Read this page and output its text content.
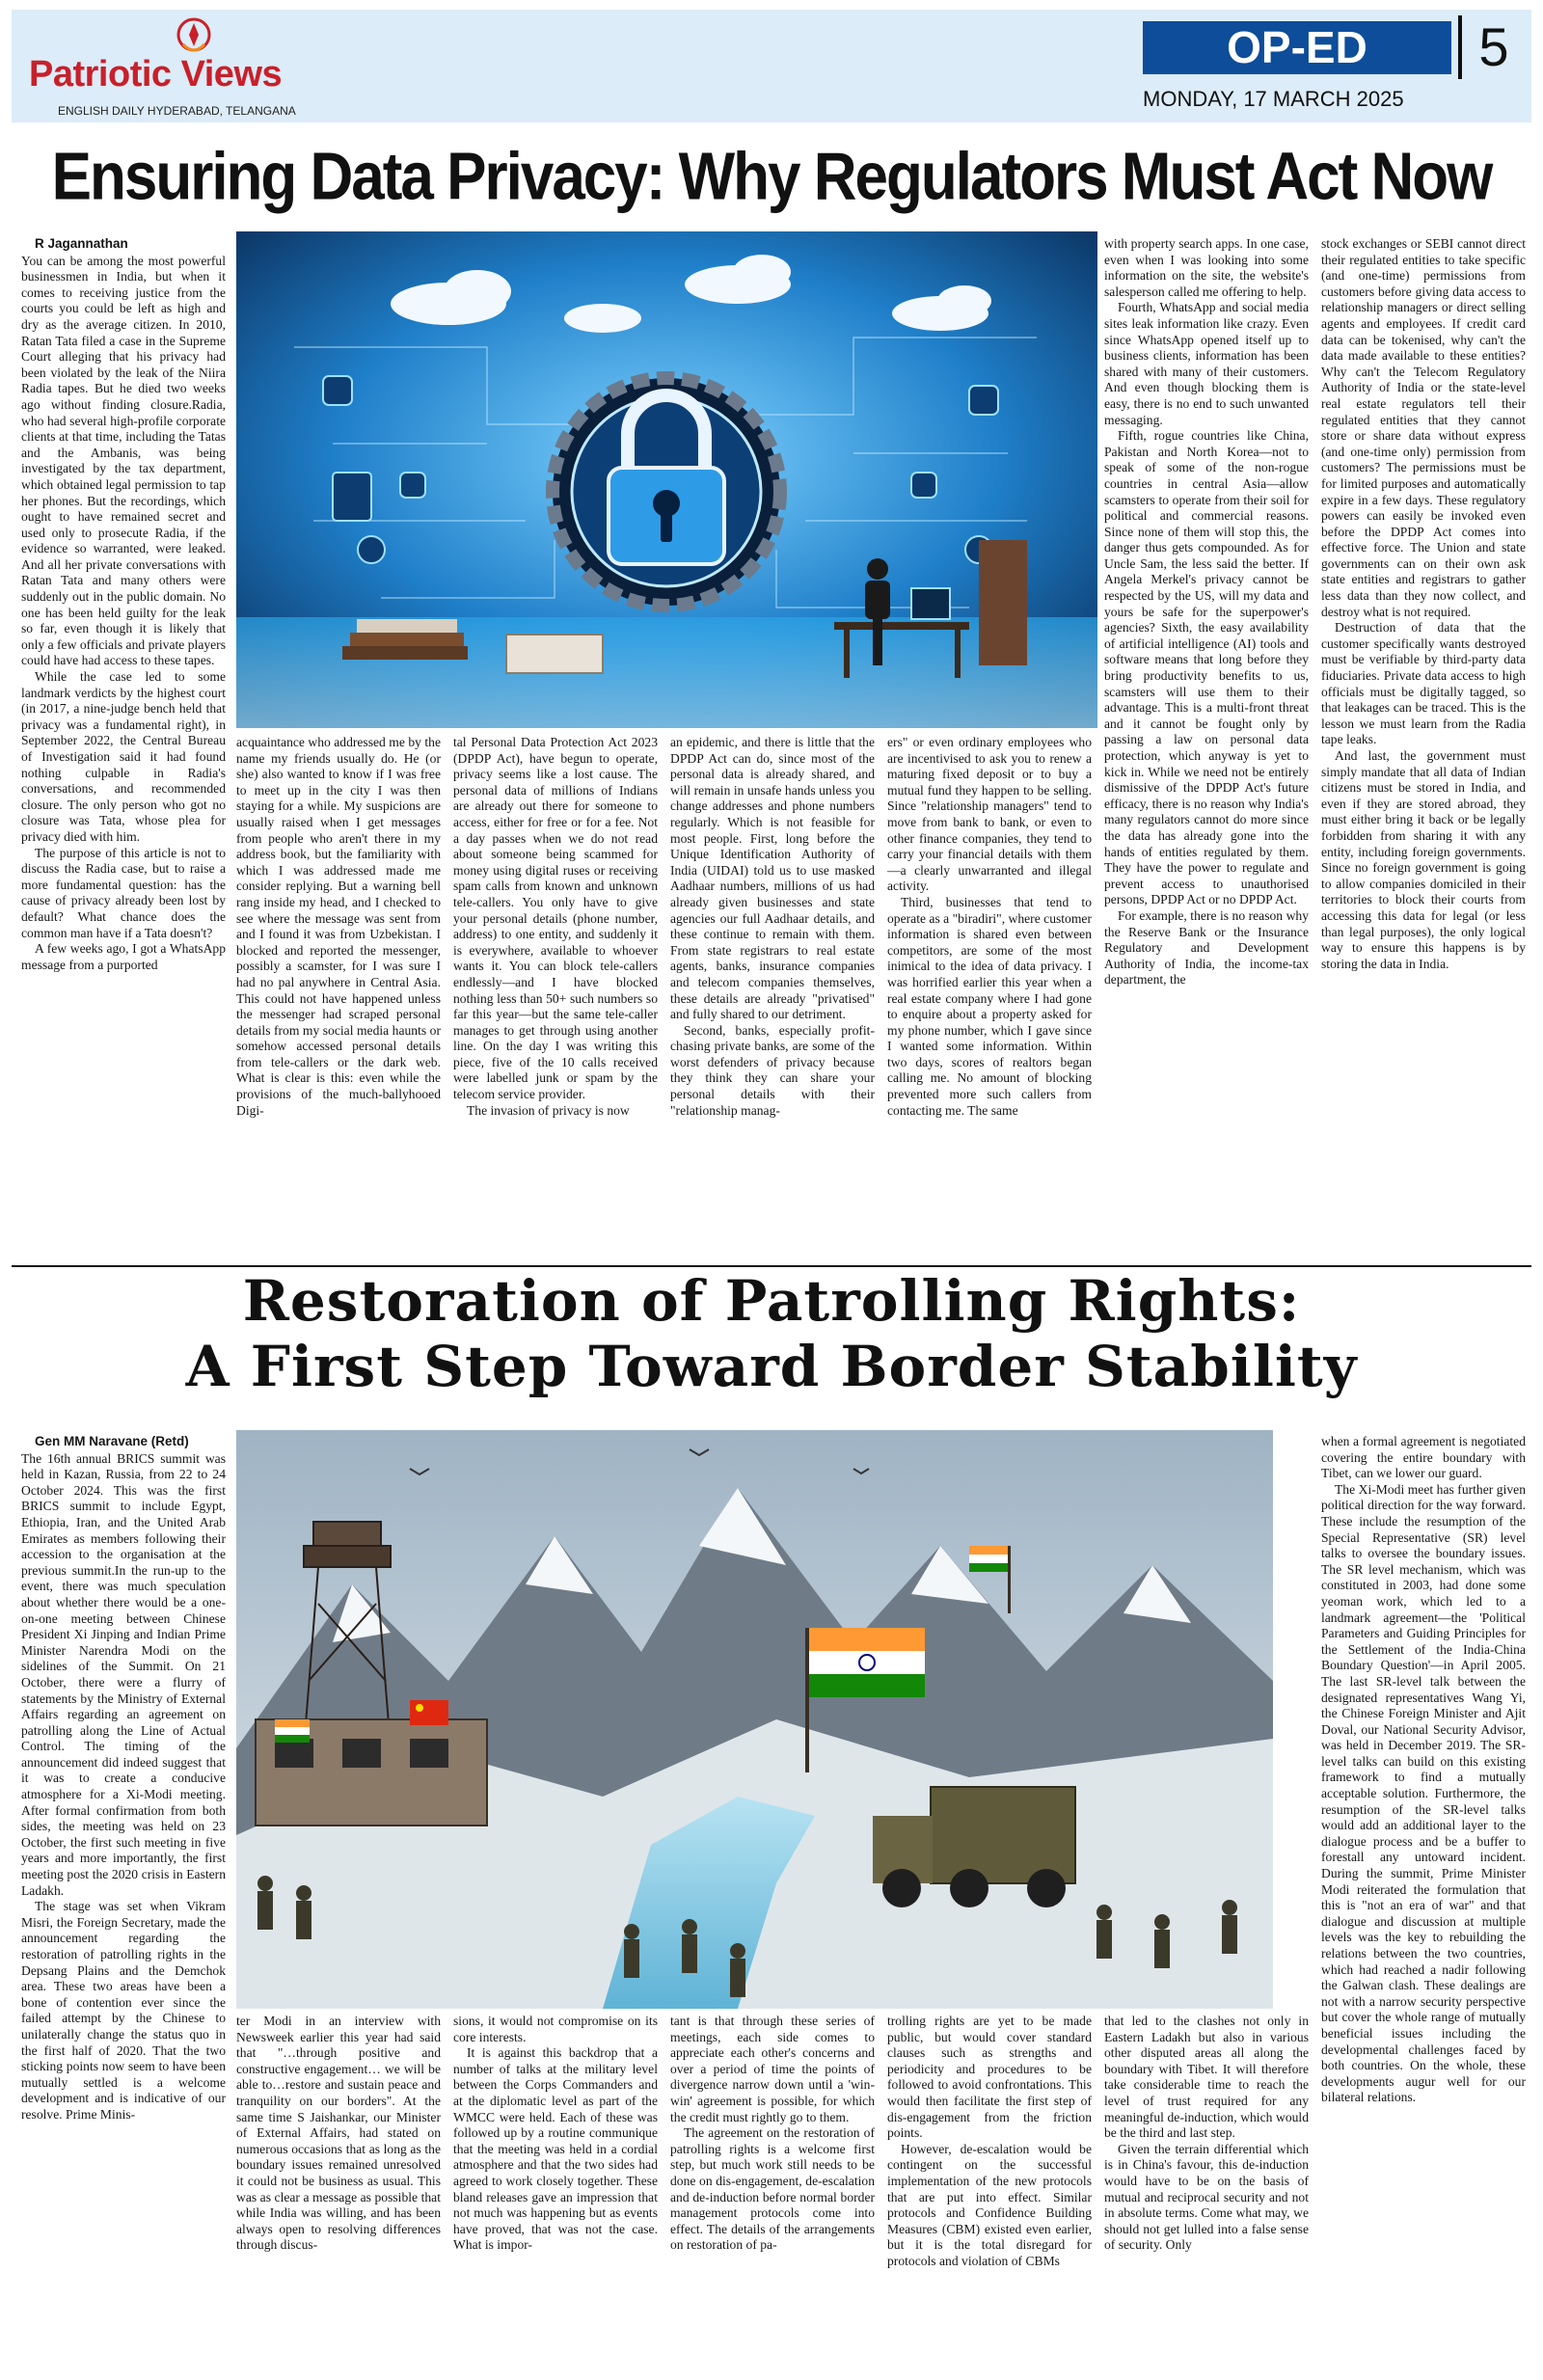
Patriotic Views
ENGLISH DAILY HYDERABAD, TELANGANA
OP-ED	5
MONDAY, 17 MARCH 2025
Ensuring Data Privacy: Why Regulators Must Act Now

R Jagannathan

You can be among the most powerful businessmen in India, but when it comes to receiving justice from the courts you could be left as high and dry as the average citizen. In 2010, Ratan Tata filed a case in the Supreme Court alleging that his privacy had been violated by the leak of the Niira Radia tapes. But he died two weeks ago without finding closure.Radia, who had several high-profile corporate clients at that time, including the Tatas and the Ambanis, was being investigated by the tax department, which obtained legal permission to tap her phones. But the recordings, which ought to have remained secret and used only to prosecute Radia, if the evidence so warranted, were leaked. And all her private conversations with Ratan Tata and many others were suddenly out in the public domain. No one has been held guilty for the leak so far, even though it is likely that only a few officials and private players could have had access to these tapes.

While the case led to some landmark verdicts by the highest court (in 2017, a nine-judge bench held that privacy was a fundamental right), in September 2022, the Central Bureau of Investigation said it had found nothing culpable in Radia's conversations, and recommended closure. The only person who got no closure was Tata, whose plea for privacy died with him.

The purpose of this article is not to discuss the Radia case, but to raise a more fundamental question: has the cause of privacy already been lost by default? What chance does the common man have if a Tata doesn't?

A few weeks ago, I got a WhatsApp message from a purported

acquaintance who addressed me by the name my friends usually do. He (or she) also wanted to know if I was free to meet up in the city I was then staying for a while. My suspicions are usually raised when I get messages from people who aren't there in my address book, but the familiarity with which I was addressed made me consider replying. But a warning bell rang inside my head, and I checked to see where the message was sent from and I found it was from Uzbekistan. I blocked and reported the messenger, possibly a scamster, for I was sure I had no pal anywhere in Central Asia. This could not have happened unless the messenger had scraped personal details from my social media haunts or somehow accessed personal details from tele-callers or the dark web. What is clear is this: even while the provisions of the much-ballyhooed Digi-

tal Personal Data Protection Act 2023 (DPDP Act), have begun to operate, privacy seems like a lost cause. The personal data of millions of Indians are already out there for someone to access, either for free or for a fee. Not a day passes when we do not read about someone being scammed for money using digital ruses or receiving spam calls from known and unknown tele-callers. You only have to give your personal details (phone number, address) to one entity, and suddenly it is everywhere, available to whoever wants it. You can block tele-callers endlessly—and I have blocked nothing less than 50+ such numbers so far this year—but the same tele-caller manages to get through using another line. On the day I was writing this piece, five of the 10 calls received were labelled junk or spam by the telecom service provider.

The invasion of privacy is now

an epidemic, and there is little that the DPDP Act can do, since most of the personal data is already shared, and will remain in unsafe hands unless you change addresses and phone numbers regularly. Which is not feasible for most people. First, long before the Unique Identification Authority of India (UIDAI) told us to use masked Aadhaar numbers, millions of us had already given businesses and state agencies our full Aadhaar details, and these continue to remain with them. From state registrars to real estate agents, banks, insurance companies and telecom companies themselves, these details are already "privatised" and fully shared to our detriment.

Second, banks, especially profit-chasing private banks, are some of the worst defenders of privacy because they think they can share your personal details with their "relationship manag-

ers" or even ordinary employees who are incentivised to ask you to renew a maturing fixed deposit or to buy a mutual fund they happen to be selling. Since "relationship managers" tend to move from bank to bank, or even to other finance companies, they tend to carry your financial details with them—a clearly unwarranted and illegal activity.

Third, businesses that tend to operate as a "biradiri", where customer information is shared even between competitors, are some of the most inimical to the idea of data privacy. I was horrified earlier this year when a real estate company where I had gone to enquire about a property asked for my phone number, which I gave since I wanted some information. Within two days, scores of realtors began calling me. No amount of blocking prevented more such callers from contacting me. The same

with property search apps. In one case, even when I was looking into some information on the site, the website's salesperson called me offering to help.

Fourth, WhatsApp and social media sites leak information like crazy. Even since WhatsApp opened itself up to business clients, information has been shared with many of their customers. And even though blocking them is easy, there is no end to such unwanted messaging.

Fifth, rogue countries like China, Pakistan and North Korea—not to speak of some of the non-rogue countries in central Asia—allow scamsters to operate from their soil for political and commercial reasons. Since none of them will stop this, the danger thus gets compounded. As for Uncle Sam, the less said the better. If Angela Merkel's privacy cannot be respected by the US, will my data and yours be safe for the superpower's agencies? Sixth, the easy availability of artificial intelligence (AI) tools and software means that long before they bring productivity benefits to us, scamsters will use them to their advantage. This is a multi-front threat and it cannot be fought only by passing a law on personal data protection, which anyway is yet to kick in. While we need not be entirely dismissive of the DPDP Act's future efficacy, there is no reason why India's many regulators cannot do more since the data has already gone into the hands of entities regulated by them. They have the power to regulate and prevent access to unauthorised persons, DPDP Act or no DPDP Act.

For example, there is no reason why the Reserve Bank or the Insurance Regulatory and Development Authority of India, the income-tax department, the

stock exchanges or SEBI cannot direct their regulated entities to take specific (and one-time) permissions from customers before giving data access to relationship managers or direct selling agents and employees. If credit card data can be tokenised, why can't the data made available to these entities? Why can't the Telecom Regulatory Authority of India or the state-level real estate regulators tell their regulated entities that they cannot store or share data without express (and one-time only) permission from customers? The permissions must be for limited purposes and automatically expire in a few days. These regulatory powers can easily be invoked even before the DPDP Act comes into effective force. The Union and state governments can on their own ask state entities and registrars to gather less data than they now collect, and destroy what is not required.

Destruction of data that the customer specifically wants destroyed must be verifiable by third-party data fiduciaries. Private data access to high officials must be digitally tagged, so that leakages can be traced. This is the lesson we must learn from the Radia tape leaks.

And last, the government must simply mandate that all data of Indian citizens must be stored in India, and even if they are stored abroad, they must either bring it back or be legally forbidden from sharing it with any entity, including foreign governments. Since no foreign government is going to allow companies domiciled in their territories to block their courts from accessing this data for legal (or less than legal purposes), the only logical way to ensure this happens is by storing the data in India.

Restoration of Patrolling Rights:
A First Step Toward Border Stability

Gen MM Naravane (Retd)

The 16th annual BRICS summit was held in Kazan, Russia, from 22 to 24 October 2024. This was the first BRICS summit to include Egypt, Ethiopia, Iran, and the United Arab Emirates as members following their accession to the organisation at the previous summit.In the run-up to the event, there was much speculation about whether there would be a one-on-one meeting between Chinese President Xi Jinping and Indian Prime Minister Narendra Modi on the sidelines of the Summit. On 21 October, there were a flurry of statements by the Ministry of External Affairs regarding an agreement on patrolling along the Line of Actual Control. The timing of the announcement did indeed suggest that it was to create a conducive atmosphere for a Xi-Modi meeting. After formal confirmation from both sides, the meeting was held on 23 October, the first such meeting in five years and more importantly, the first meeting post the 2020 crisis in Eastern Ladakh.

The stage was set when Vikram Misri, the Foreign Secretary, made the announcement regarding the restoration of patrolling rights in the Depsang Plains and the Demchok area. These two areas have been a bone of contention ever since the failed attempt by the Chinese to unilaterally change the status quo in the first half of 2020. That the two sticking points now seem to have been mutually settled is a welcome development and is indicative of our resolve. Prime Minis-

ter Modi in an interview with Newsweek earlier this year had said that "…through positive and constructive engagement… we will be able to…restore and sustain peace and tranquility on our borders". At the same time S Jaishankar, our Minister of External Affairs, had stated on numerous occasions that as long as the boundary issues remained unresolved it could not be business as usual. This was as clear a message as possible that while India was willing, and has been always open to resolving differences through discus-

sions, it would not compromise on its core interests.

It is against this backdrop that a number of talks at the military level between the Corps Commanders and at the diplomatic level as part of the WMCC were held. Each of these was followed up by a routine communique that the meeting was held in a cordial atmosphere and that the two sides had agreed to work closely together. These bland releases gave an impression that not much was happening but as events have proved, that was not the case. What is impor-

tant is that through these series of meetings, each side comes to appreciate each other's concerns and over a period of time the points of divergence narrow down until a 'win-win' agreement is possible, for which the credit must rightly go to them.

The agreement on the restoration of patrolling rights is a welcome first step, but much work still needs to be done on dis-engagement, de-escalation and de-induction before normal border management protocols come into effect. The details of the arrangements on restoration of pa-

trolling rights are yet to be made public, but would cover standard clauses such as strengths and periodicity and procedures to be followed to avoid confrontations. This would then facilitate the first step of dis-engagement from the friction points.

However, de-escalation would be contingent on the successful implementation of the new protocols that are put into effect. Similar protocols and Confidence Building Measures (CBM) existed even earlier, but it is the total disregard for protocols and violation of CBMs

that led to the clashes not only in Eastern Ladakh but also in various other disputed areas all along the boundary with Tibet. It will therefore take considerable time to reach the level of trust required for any meaningful de-induction, which would be the third and last step.

Given the terrain differential which is in China's favour, this de-induction would have to be on the basis of mutual and reciprocal security and not in absolute terms. Come what may, we should not get lulled into a false sense of security. Only

when a formal agreement is negotiated covering the entire boundary with Tibet, can we lower our guard.

The Xi-Modi meet has further given political direction for the way forward. These include the resumption of the Special Representative (SR) level talks to oversee the boundary issues. The SR level mechanism, which was constituted in 2003, had done some yeoman work, which led to a landmark agreement—the 'Political Parameters and Guiding Principles for the Settlement of the India-China Boundary Question'—in April 2005. The last SR-level talk between the designated representatives Wang Yi, the Chinese Foreign Minister and Ajit Doval, our National Security Advisor, was held in December 2019. The SR-level talks can build on this existing framework to find a mutually acceptable solution. Furthermore, the resumption of the SR-level talks would add an additional layer to the dialogue process and be a buffer to forestall any untoward incident. During the summit, Prime Minister Modi reiterated the formulation that this is "not an era of war" and that dialogue and discussion at multiple levels was the key to rebuilding the relations between the two countries, which had reached a nadir following the Galwan clash. These dealings are not with a narrow security perspective but cover the whole range of mutually beneficial issues including the developmental challenges faced by both countries. On the whole, these developments augur well for our bilateral relations.
